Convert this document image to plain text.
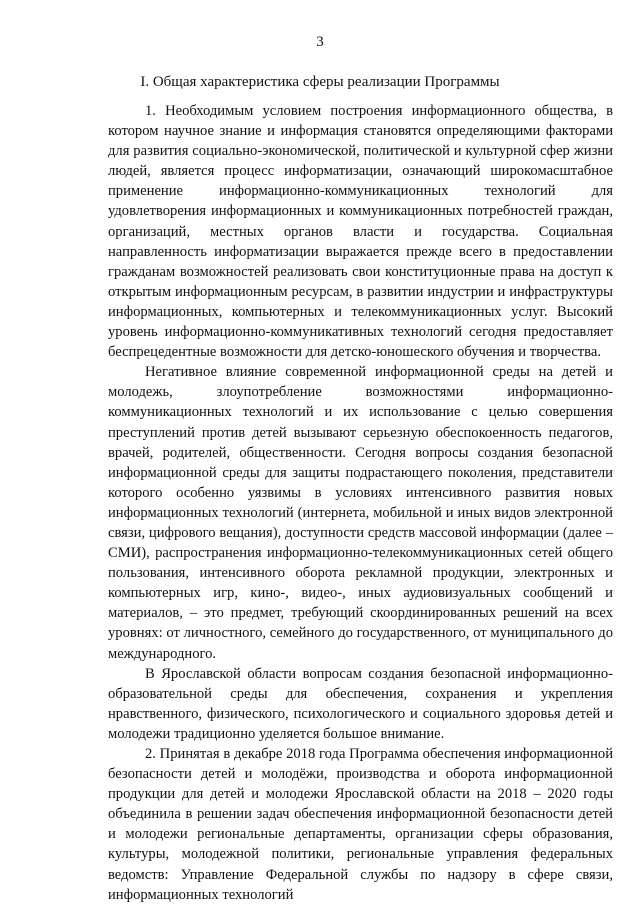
3
I. Общая характеристика сферы реализации Программы

1. Необходимым условием построения информационного общества, в котором научное знание и информация становятся определяющими факторами для развития социально-экономической, политической и культурной сфер жизни людей, является процесс информатизации, означающий широкомасштабное применение информационно-коммуникационных технологий для удовлетворения информационных и коммуникационных потребностей граждан, организаций, местных органов власти и государства. Социальная направленность информатизации выражается прежде всего в предоставлении гражданам возможностей реализовать свои конституционные права на доступ к открытым информационным ресурсам, в развитии индустрии и инфраструктуры информационных, компьютерных и телекоммуникационных услуг. Высокий уровень информационно-коммуникативных технологий сегодня предоставляет беспрецедентные возможности для детско-юношеского обучения и творчества.

Негативное влияние современной информационной среды на детей и молодежь, злоупотребление возможностями информационно-коммуникационных технологий и их использование с целью совершения преступлений против детей вызывают серьезную обеспокоенность педагогов, врачей, родителей, общественности. Сегодня вопросы создания безопасной информационной среды для защиты подрастающего поколения, представители которого особенно уязвимы в условиях интенсивного развития новых информационных технологий (интернета, мобильной и иных видов электронной связи, цифрового вещания), доступности средств массовой информации (далее – СМИ), распространения информационно-телекоммуникационных сетей общего пользования, интенсивного оборота рекламной продукции, электронных и компьютерных игр, кино-, видео-, иных аудиовизуальных сообщений и материалов, – это предмет, требующий скоординированных решений на всех уровнях: от личностного, семейного до государственного, от муниципального до международного.

В Ярославской области вопросам создания безопасной информационно-образовательной среды для обеспечения, сохранения и укрепления нравственного, физического, психологического и социального здоровья детей и молодежи традиционно уделяется большое внимание.

2. Принятая в декабре 2018 года Программа обеспечения информационной безопасности детей и молодёжи, производства и оборота информационной продукции для детей и молодежи Ярославской области на 2018 – 2020 годы объединила в решении задач обеспечения информационной безопасности детей и молодежи региональные департаменты, организации сферы образования, культуры, молодежной политики, региональные управления федеральных ведомств: Управление Федеральной службы по надзору в сфере связи, информационных технологий
